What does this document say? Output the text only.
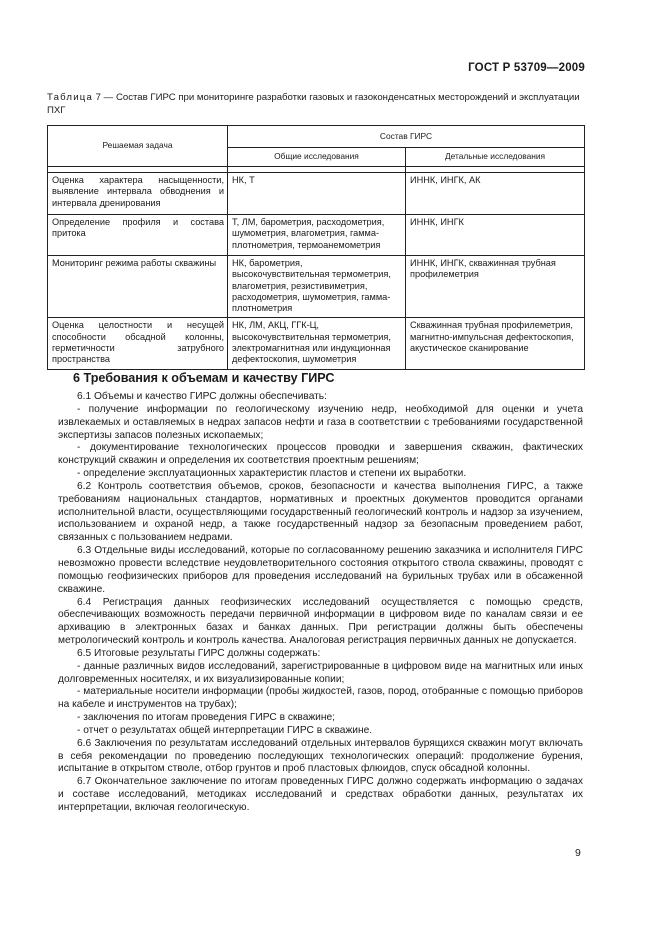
ГОСТ Р 53709—2009
Таблица 7 — Состав ГИРС при мониторинге разработки газовых и газоконденсатных месторождений и эксплуатации ПХГ
Решаемая задача	Состав ГИРС	
	Общие исследования	Детальные исследования

Оценка характера насыщенности, выявление интервала обводнения и интервала дренирования	НК, Т	ИННК, ИНГК, АК
Определение профиля и состава притока	Т, ЛМ, барометрия, расходометрия, шумометрия, влагометрия, гамма-плотнометрия, термоанемометрия	ИННК, ИНГК
Мониторинг режима работы скважины	НК, барометрия, высокочувствительная термометрия, влагометрия, резистивиметрия, расходометрия, шумометрия, гамма-плотнометрия	ИННК, ИНГК, скважинная трубная профилеметрия
Оценка целостности и несущей способности обсадной колонны, герметичности затрубного пространства	НК, ЛМ, АКЦ, ГГК-Ц, высокочувствительная термометрия, электромагнитная или индукционная дефектоскопия, шумометрия	Скважинная трубная профилеметрия, магнитно-импульсная дефектоскопия, акустическое сканирование
6 Требования к объемам и качеству ГИРС

6.1 Объемы и качество ГИРС должны обеспечивать:

- получение информации по геологическому изучению недр, необходимой для оценки и учета извлекаемых и оставляемых в недрах запасов нефти и газа в соответствии с требованиями государственной экспертизы запасов полезных ископаемых;

- документирование технологических процессов проводки и завершения скважин, фактических конструкций скважин и определения их соответствия проектным решениям;

- определение эксплуатационных характеристик пластов и степени их выработки.

6.2 Контроль соответствия объемов, сроков, безопасности и качества выполнения ГИРС, а также требованиям национальных стандартов, нормативных и проектных документов проводится органами исполнительной власти, осуществляющими государственный геологический контроль и надзор за изучением, использованием и охраной недр, а также государственный надзор за безопасным проведением работ, связанных с пользованием недрами.

6.3 Отдельные виды исследований, которые по согласованному решению заказчика и исполнителя ГИРС невозможно провести вследствие неудовлетворительного состояния открытого ствола скважины, проводят с помощью геофизических приборов для проведения исследований на бурильных трубах или в обсаженной скважине.

6.4 Регистрация данных геофизических исследований осуществляется с помощью средств, обеспечивающих возможность передачи первичной информации в цифровом виде по каналам связи и ее архивацию в электронных базах и банках данных. При регистрации должны быть обеспечены метрологический контроль и контроль качества. Аналоговая регистрация первичных данных не допускается.

6.5 Итоговые результаты ГИРС должны содержать:

- данные различных видов исследований, зарегистрированные в цифровом виде на магнитных или иных долговременных носителях, и их визуализированные копии;

- материальные носители информации (пробы жидкостей, газов, пород, отобранные с помощью приборов на кабеле и инструментов на трубах);

- заключения по итогам проведения ГИРС в скважине;

- отчет о результатах общей интерпретации ГИРС в скважине.

6.6 Заключения по результатам исследований отдельных интервалов бурящихся скважин могут включать в себя рекомендации по проведению последующих технологических операций: продолжение бурения, испытание в открытом стволе, отбор грунтов и проб пластовых флюидов, спуск обсадной колонны.

6.7 Окончательное заключение по итогам проведенных ГИРС должно содержать информацию о задачах и составе исследований, методиках исследований и средствах обработки данных, результатах их интерпретации, включая геологическую.

9
